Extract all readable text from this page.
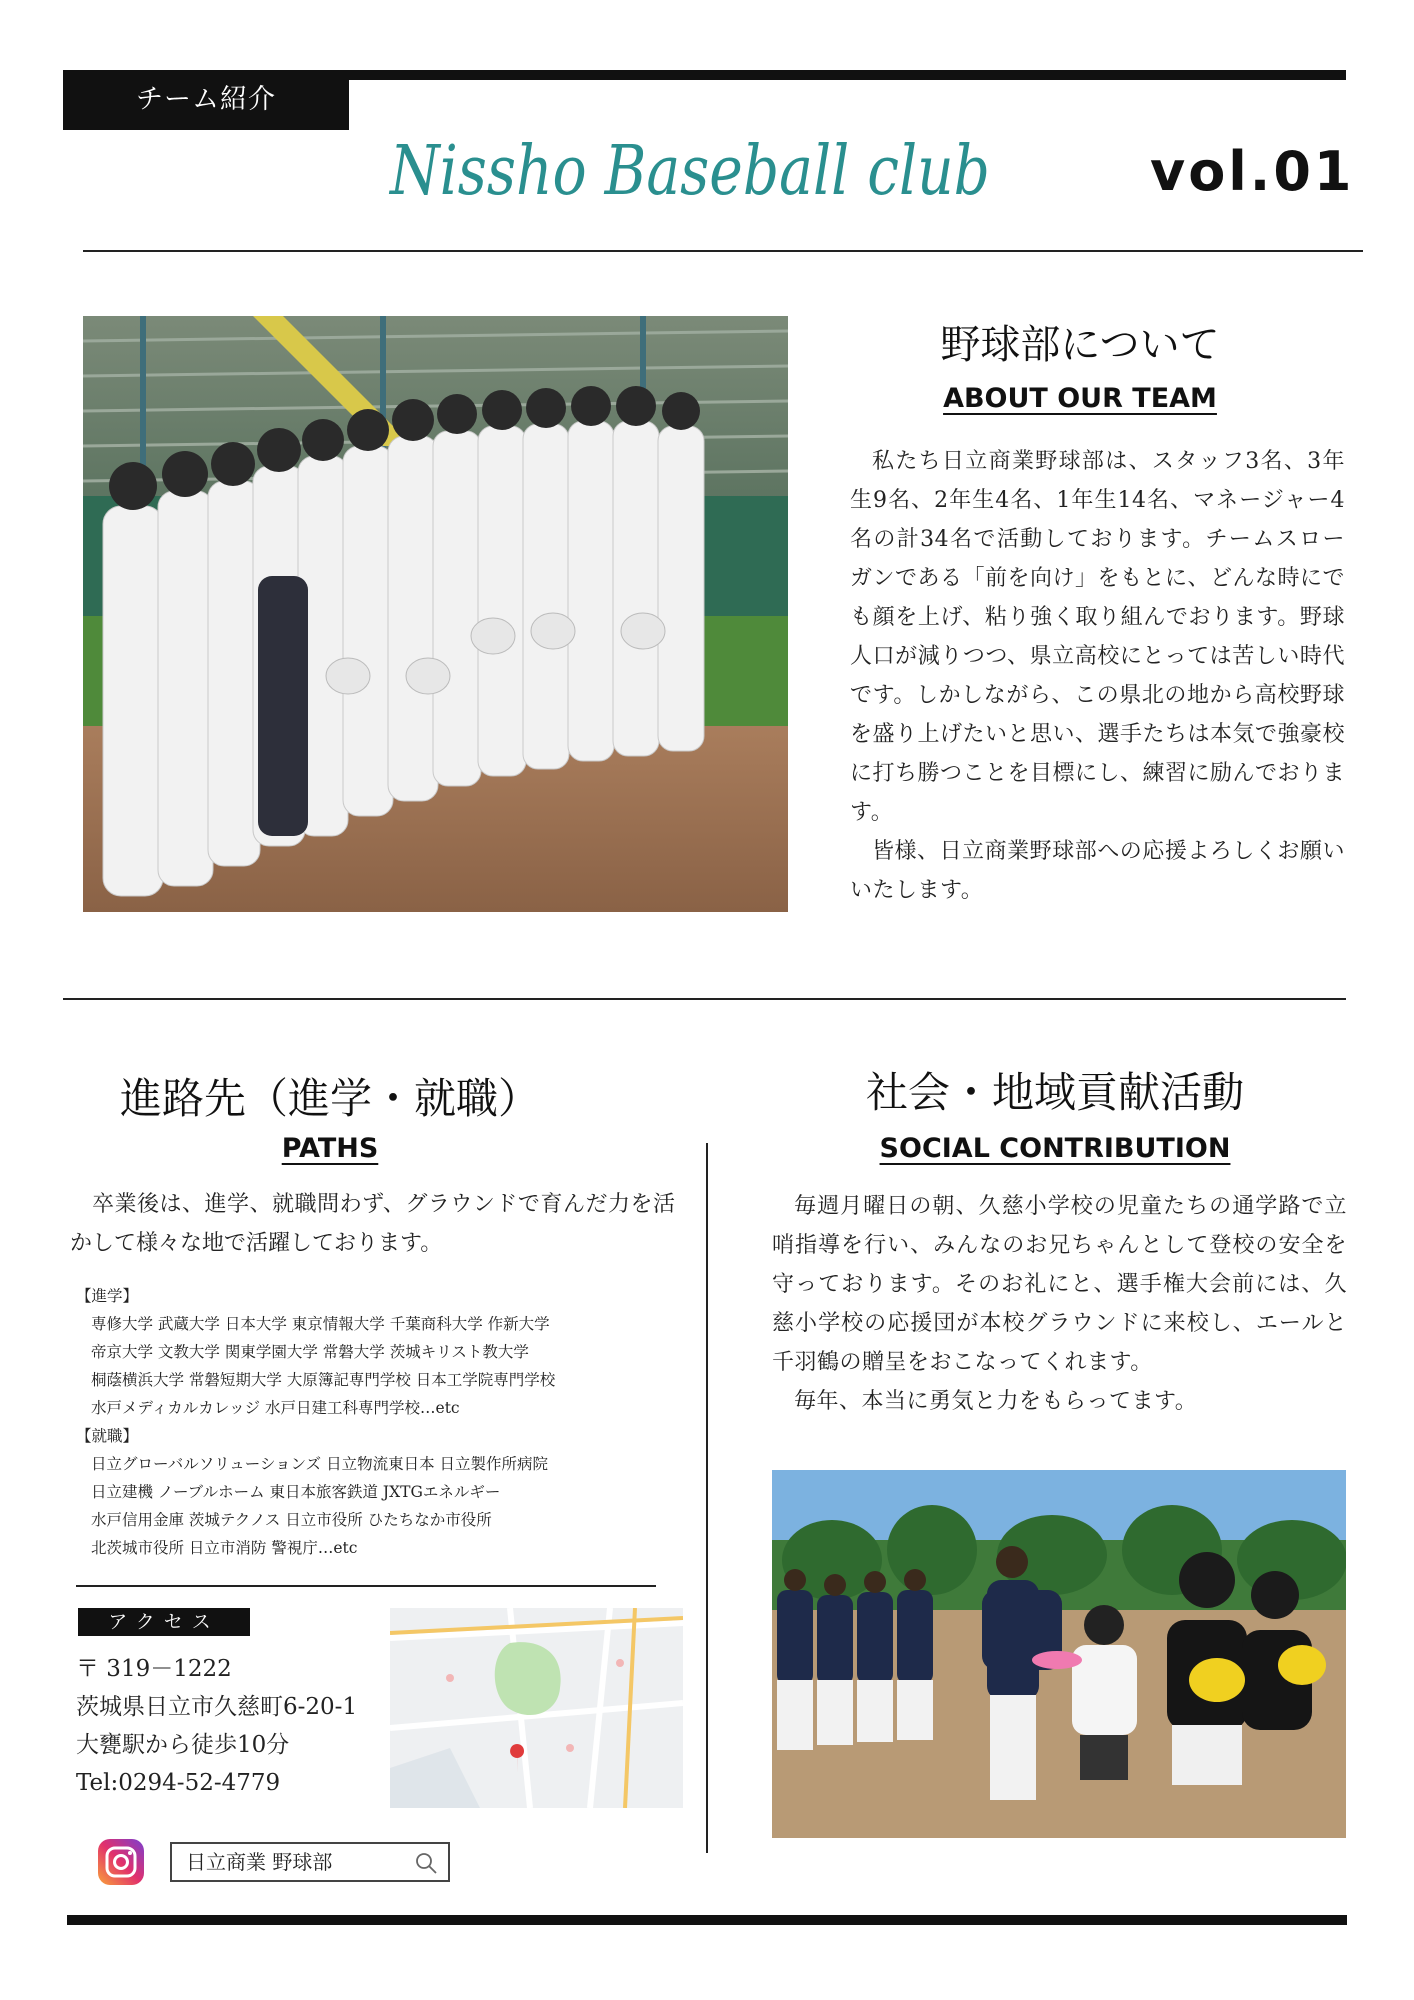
チーム紹介
Nissho Baseball club	vol.01
野球部について
ABOUT OUR TEAM

私たち日立商業野球部は、スタッフ3名、3年生9名、2年生4名、1年生14名、マネージャー4名の計34名で活動しております。チームスローガンである「前を向け」をもとに、どんな時にでも顔を上げ、粘り強く取り組んでおります。野球人口が減りつつ、県立高校にとっては苦しい時代です。しかしながら、この県北の地から高校野球を盛り上げたいと思い、選手たちは本気で強豪校に打ち勝つことを目標にし、練習に励んでおります。

皆様、日立商業野球部への応援よろしくお願いいたします。

進路先（進学・就職）
PATHS

卒業後は、進学、就職問わず、グラウンドで育んだ力を活かして様々な地で活躍しております。

【進学】
専修大学 武蔵大学 日本大学 東京情報大学 千葉商科大学 作新大学
帝京大学 文教大学 関東学園大学 常磐大学 茨城キリスト教大学
桐蔭横浜大学 常磐短期大学 大原簿記専門学校 日本工学院専門学校
水戸メディカルカレッジ 水戸日建工科専門学校…etc
【就職】
日立グローバルソリューションズ 日立物流東日本 日立製作所病院
日立建機 ノーブルホーム 東日本旅客鉄道 JXTGエネルギー
水戸信用金庫 茨城テクノス 日立市役所 ひたちなか市役所
北茨城市役所 日立市消防 警視庁…etc
アクセス
〒 319－1222
茨城県日立市久慈町6-20-1
大甕駅から徒歩10分
Tel:0294-52-4779
日立商業 野球部
社会・地域貢献活動
SOCIAL CONTRIBUTION

毎週月曜日の朝、久慈小学校の児童たちの通学路で立哨指導を行い、みんなのお兄ちゃんとして登校の安全を守っております。そのお礼にと、選手権大会前には、久慈小学校の応援団が本校グラウンドに来校し、エールと千羽鶴の贈呈をおこなってくれます。

毎年、本当に勇気と力をもらってます。
